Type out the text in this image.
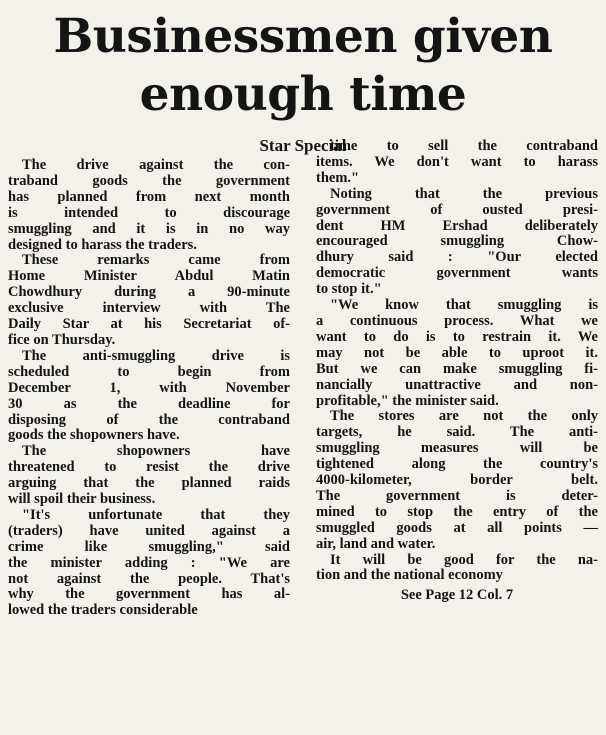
Businessmen given
enough time
Star Special

The drive against the con-
traband goods the government
has planned from next month
is intended to discourage
smuggling and it is in no way
designed to harass the traders.

These remarks came from
Home Minister Abdul Matin
Chowdhury during a 90-minute
exclusive interview with The
Daily Star at his Secretariat of-
fice on Thursday.

The anti-smuggling drive is
scheduled to begin from
December 1, with November
30 as the deadline for
disposing of the contraband
goods the shopowners have.

The shopowners have
threatened to resist the drive
arguing that the planned raids
will spoil their business.

"It's unfortunate that they
(traders) have united against a
crime like smuggling," said
the minister adding : "We are
not against the people. That's
why the government has al-
lowed the traders considerable

time to sell the contraband
items. We don't want to harass
them."

Noting that the previous
government of ousted presi-
dent HM Ershad deliberately
encouraged smuggling Chow-
dhury said : "Our elected
democratic government wants
to stop it."

"We know that smuggling is
a continuous process. What we
want to do is to restrain it. We
may not be able to uproot it.
But we can make smuggling fi-
nancially unattractive and non-
profitable," the minister said.

The stores are not the only
targets, he said. The anti-
smuggling measures will be
tightened along the country's
4000-kilometer, border belt.
The government is deter-
mined to stop the entry of the
smuggled goods at all points —
air, land and water.

It will be good for the na-
tion and the national economy

See Page 12 Col. 7
